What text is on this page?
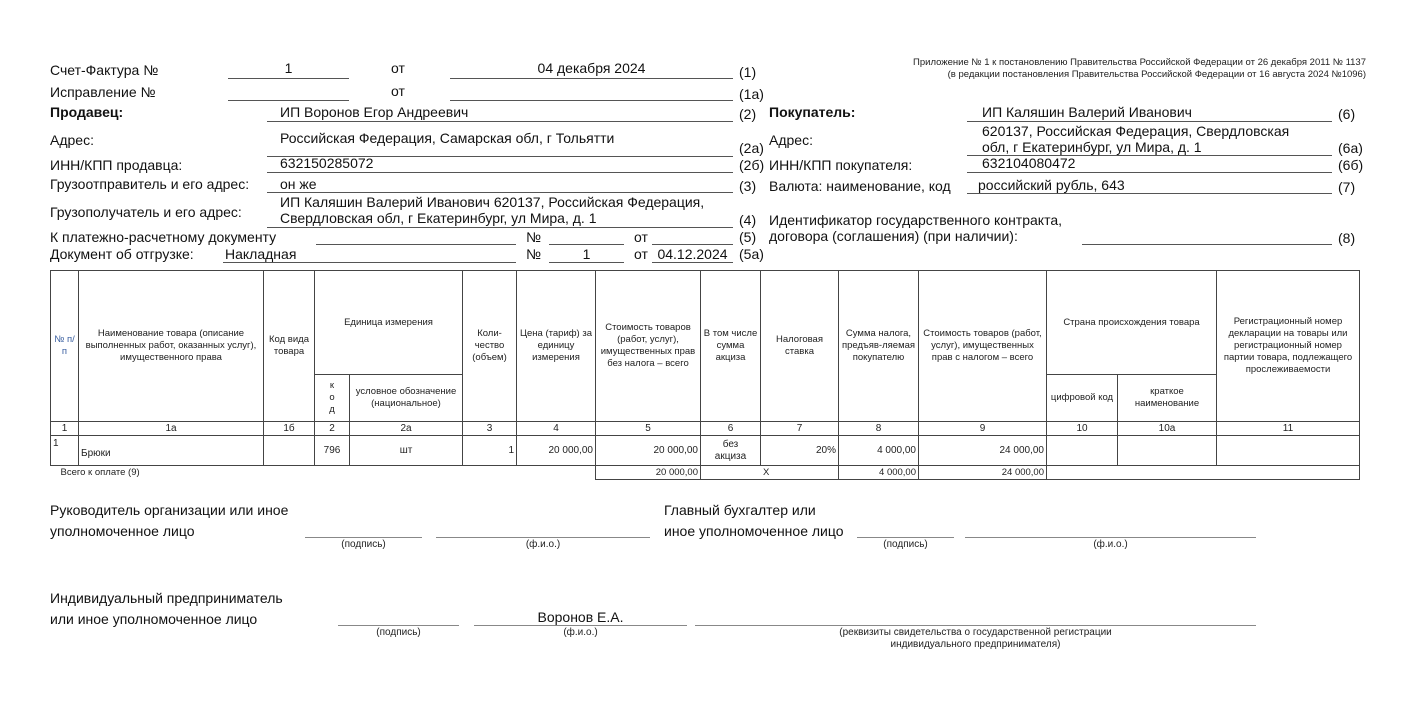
Приложение № 1 к постановлению Правительства Российской Федерации от 26 декабря 2011 № 1137
(в редакции постановления Правительства Российской Федерации от 16 августа 2024 №1096)
Счет-Фактура №	1	от	04 декабря 2024	(1)
Исправление №	от	(1а)
Продавец:	ИП Воронов Егор Андреевич	(2)
Адрес:	Российская Федерация, Самарская обл, г Тольятти
(2а)
ИНН/КПП продавца:	632150285072	(2б)
Грузоотправитель и его адрес: он же	(3)
Грузополучатель и его адрес:
ИП Каляшин Валерий Иванович 620137, Российская Федерация,
Свердловская обл, г Екатеринбург, ул Мира, д. 1	(4)
К платежно-расчетному документу	№	от	(5)
Документ об отгрузке: Накладная	№	1	от 04.12.2024 (5а)
Покупатель:	ИП Каляшин Валерий Иванович	(6)
Адрес:
620137, Российская Федерация, Свердловская
обл, г Екатеринбург, ул Мира, д. 1	(6а)
ИНН/КПП покупателя:	632104080472	(6б)
Валюта: наименование, код российский рубль, 643	(7)
Идентификатор государственного контракта,
договора (соглашения) (при наличии):	(8)
№ п/п	Наименование товара (описание выполненных работ, оказанных услуг), имущественного права	Код вида товара	Единица измерения		Коли-чество (объем)	Цена (тариф) за единицу измерения	Стоимость товаров (работ, услуг), имущественных прав без налога – всего	В том числе сумма акциза	Налоговая ставка	Сумма налога, предъяв-ляемая покупателю	Стоимость товаров (работ, услуг), имущественных прав с налогом – всего	Страна происхождения товара		Регистрационный номер декларации на товары или регистрационный номер партии товара, подлежащего прослеживаемости
			к о д	условное обозначение (национальное)								цифровой код	краткое наименование	
1	1а	1б	2	2а	3	4	5	6	7	8	9	10	10а	11
1	Брюки		796	шт	1	20 000,00	20 000,00	без акциза	20%	4 000,00	24 000,00			
Всего к оплате (9)							20 000,00	X		4 000,00	24 000,00			
Руководитель организации или иное
уполномоченное лицо
(подпись)	(ф.и.о.)
Главный бухгалтер или
иное уполномоченное лицо
(подпись)	(ф.и.о.)
Индивидуальный предприниматель
или иное уполномоченное лицо
(подпись)
Воронов Е.А.
(ф.и.о.)	(реквизиты свидетельства о государственной регистрации
индивидуального предпринимателя)
